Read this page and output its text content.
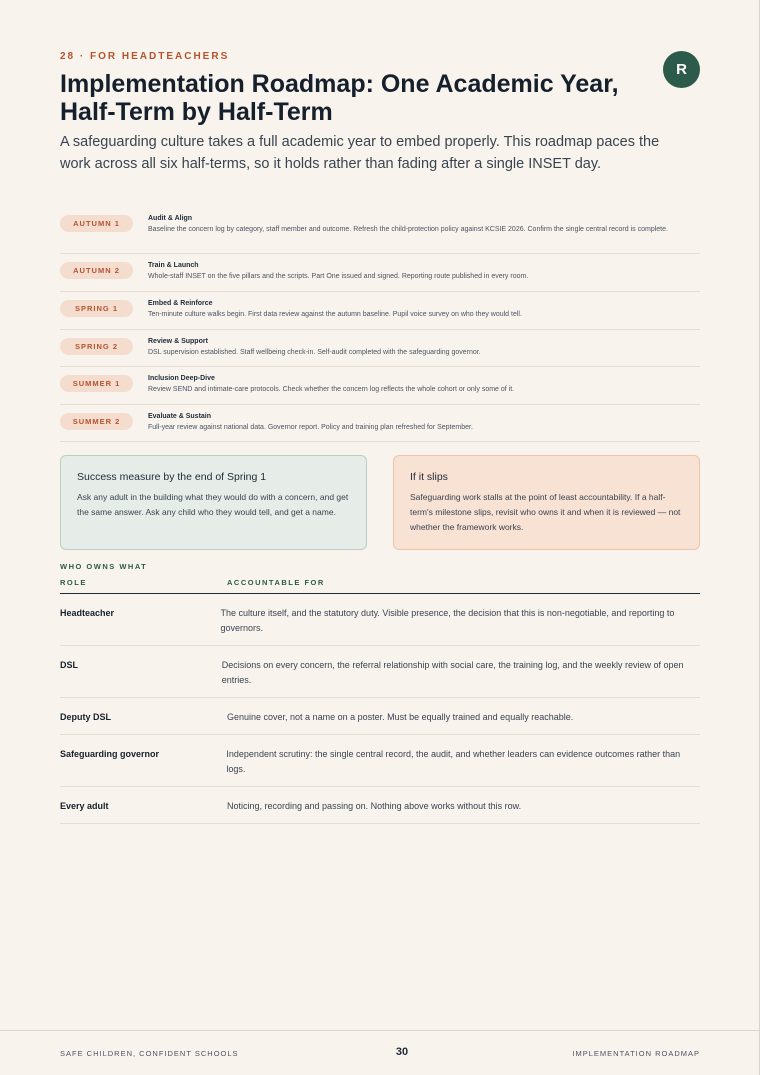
28 · FOR HEADTEACHERS
R
Implementation Roadmap: One Academic Year, Half-Term by Half-Term

A safeguarding culture takes a full academic year to embed properly. This roadmap paces the work across all six half-terms, so it holds rather than fading after a single INSET day.

AUTUMN 1
Audit & Align
Baseline the concern log by category, staff member and outcome. Refresh the child-protection policy against KCSIE 2026. Confirm the single central record is complete.
AUTUMN 2
Train & Launch
Whole-staff INSET on the five pillars and the scripts. Part One issued and signed. Reporting route published in every room.
SPRING 1
Embed & Reinforce
Ten-minute culture walks begin. First data review against the autumn baseline. Pupil voice survey on who they would tell.
SPRING 2
Review & Support
DSL supervision established. Staff wellbeing check-in. Self-audit completed with the safeguarding governor.
SUMMER 1
Inclusion Deep-Dive
Review SEND and intimate-care protocols. Check whether the concern log reflects the whole cohort or only some of it.
SUMMER 2
Evaluate & Sustain
Full-year review against national data. Governor report. Policy and training plan refreshed for September.
Success measure by the end of Spring 1
Ask any adult in the building what they would do with a concern, and get the same answer. Ask any child who they would tell, and get a name.
If it slips
Safeguarding work stalls at the point of least accountability. If a half-term's milestone slips, revisit who owns it and when it is reviewed — not whether the framework works.
WHO OWNS WHAT
ROLE	ACCOUNTABLE FOR
Headteacher	The culture itself, and the statutory duty. Visible presence, the decision that this is non-negotiable, and reporting to governors.
DSL	Decisions on every concern, the referral relationship with social care, the training log, and the weekly review of open entries.
Deputy DSL	Genuine cover, not a name on a poster. Must be equally trained and equally reachable.
Safeguarding governor	Independent scrutiny: the single central record, the audit, and whether leaders can evidence outcomes rather than logs.
Every adult	Noticing, recording and passing on. Nothing above works without this row.
SAFE CHILDREN, CONFIDENT SCHOOLS	30	IMPLEMENTATION ROADMAP
